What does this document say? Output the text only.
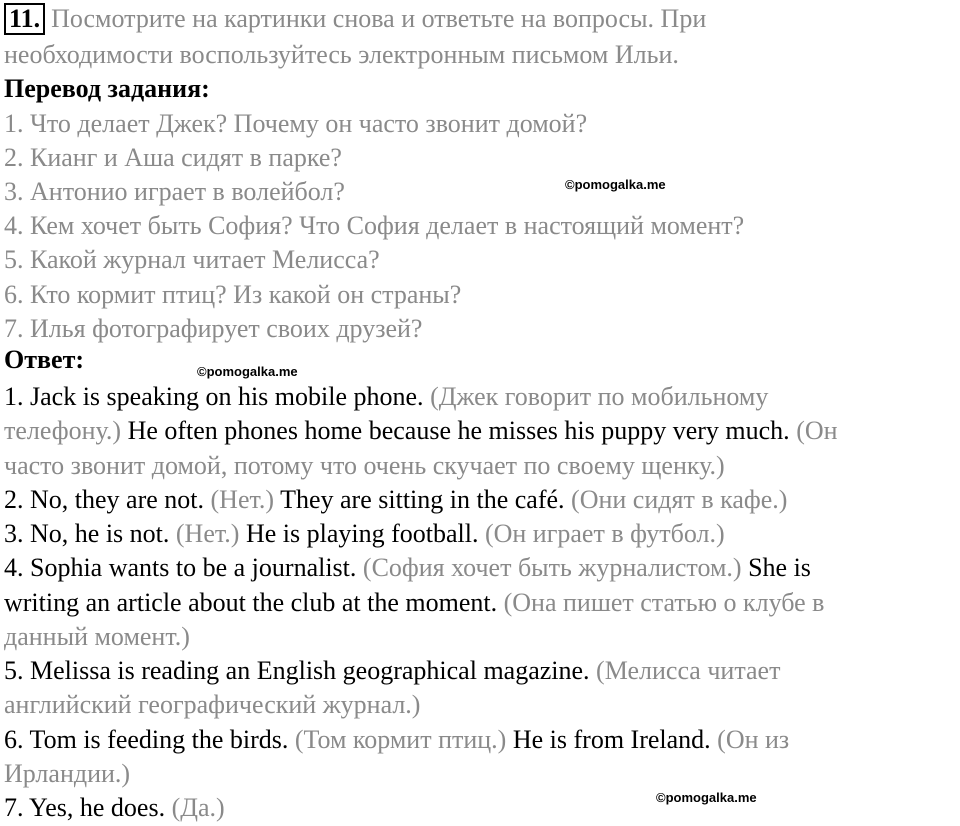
11. Посмотрите на картинки снова и ответьте на вопросы. При
необходимости воспользуйтесь электронным письмом Ильи.
Перевод задания:
1. Что делает Джек? Почему он часто звонит домой?
2. Кианг и Аша сидят в парке?
3. Антонио играет в волейбол?
4. Кем хочет быть София? Что София делает в настоящий момент?
5. Какой журнал читает Мелисса?
6. Кто кормит птиц? Из какой он страны?
7. Илья фотографирует своих друзей?
Ответ:
1. Jack is speaking on his mobile phone. (Джек говорит по мобильному
телефону.) He often phones home because he misses his puppy very much. (Он
часто звонит домой, потому что очень скучает по своему щенку.)
2. No, they are not. (Нет.) They are sitting in the café. (Они сидят в кафе.)
3. No, he is not. (Нет.) He is playing football. (Он играет в футбол.)
4. Sophia wants to be a journalist. (София хочет быть журналистом.) She is
writing an article about the club at the moment. (Она пишет статью о клубе в
данный момент.)
5. Melissa is reading an English geographical magazine. (Мелисса читает
английский географический журнал.)
6. Tom is feeding the birds. (Том кормит птиц.) He is from Ireland. (Он из
Ирландии.)
7. Yes, he does. (Да.)
©pomogalka.me
©pomogalka.me
©pomogalka.me
